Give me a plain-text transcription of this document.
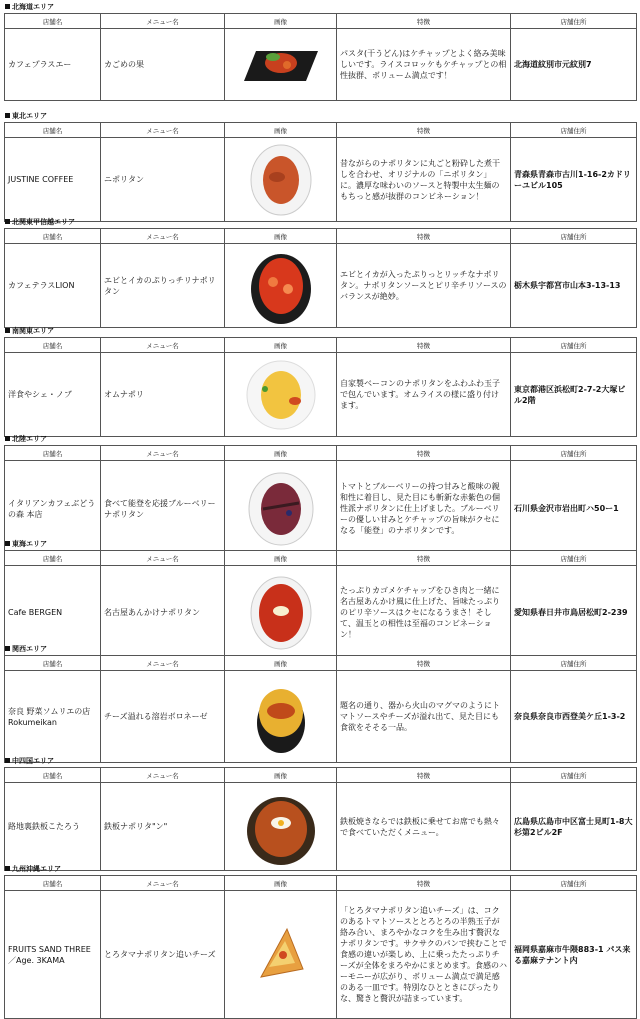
北海道エリア
店舗名	メニュー名	画像	特徴	店舗住所
カフェプラスエー	カごめの果		パスタ(干うどん)はケチャップとよく絡み美味しいです。ライスコロッケもケチャップとの相性抜群、ボリューム満点です！	北海道紋別市元紋別7
東北エリア
店舗名	メニュー名	画像	特徴	店舗住所
JUSTINE COFFEE	ニポリタン		昔ながらのナポリタンに丸ごと粉砕した煮干しを合わせ、オリジナルの「ニポリタン」に。濃厚な味わいのソースと特製中太生麺のもちっと感が抜群のコンビネーション！	青森県青森市古川1-16-2カドリーユビル105
北関東甲信越エリア
店舗名	メニュー名	画像	特徴	店舗住所
カフェテラスLION	エビとイカのぷりっチリナポリタン		エビとイカが入ったぷりっとリッチなナポリタン。ナポリタンソースとピリ辛チリソースのバランスが絶妙。	栃木県宇都宮市山本3-13-13
南関東エリア
店舗名	メニュー名	画像	特徴	店舗住所
洋食やシェ・ノブ	オムナポリ		自家製ベーコンのナポリタンをふわふわ玉子で包んでいます。オムライスの様に盛り付けます。	東京都港区浜松町2-7-2大塚ビル2階
北陸エリア
店舗名	メニュー名	画像	特徴	店舗住所
イタリアンカフェぶどうの森 本店	食べて能登を応援ブルーベリーナポリタン		トマトとブルーベリーの持つ甘みと酸味の親和性に着目し、見た目にも斬新な赤紫色の個性派ナポリタンに仕上げました。ブルーベリーの優しい甘みとケチャップの旨味がクセになる「能登」のナポリタンです。	石川県金沢市岩出町ハ50ー1
東海エリア
店舗名	メニュー名	画像	特徴	店舗住所
Cafe BERGEN	名古屋あんかけナポリタン		たっぷりカゴメケチャップをひき肉と一緒に名古屋あんかけ風に仕上げた、旨味たっぷりのピリ辛ソースはクセになるうまさ！そして、温玉との相性は至福のコンビネーション！	愛知県春日井市鳥居松町2-239
関西エリア
店舗名	メニュー名	画像	特徴	店舗住所
奈良 野菜ソムリエの店 Rokumeikan	チーズ溢れる溶岩ボロネーゼ		題名の通り、器から火山のマグマのようにトマトソースやチーズが溢れ出て、見た目にも食欲をそそる一品。	奈良県奈良市西登美ケ丘1-3-2
中四国エリア
店舗名	メニュー名	画像	特徴	店舗住所
路地裏鉄板こたろう	鉄板ナポリタ"ン"		鉄板焼きならでは鉄板に乗せてお席でも熱々で食べていただくメニュー。	広島県広島市中区富士見町1-8大杉第2ビル2F
九州沖縄エリア
店舗名	メニュー名	画像	特徴	店舗住所
FRUITS SAND THREE／Age. 3KAMA	とろタマナポリタン追いチーズ		「とろタマナポリタン追いチーズ」は、コクのあるトマトソースととろとろの半熟玉子が絡み合い、まろやかなコクを生み出す贅沢なナポリタンです。サクサクのパンで挟むことで食感の違いが楽しめ、上に乗ったたっぷりチーズが全体をまろやかにまとめます。食感のハーモニーが広がり、ボリューム満点で満足感のある一皿です。特別なひとときにぴったりな、驚きと贅沢が詰まっています。	福岡県嘉麻市牛隈883-1 パス来る嘉麻テナント内
